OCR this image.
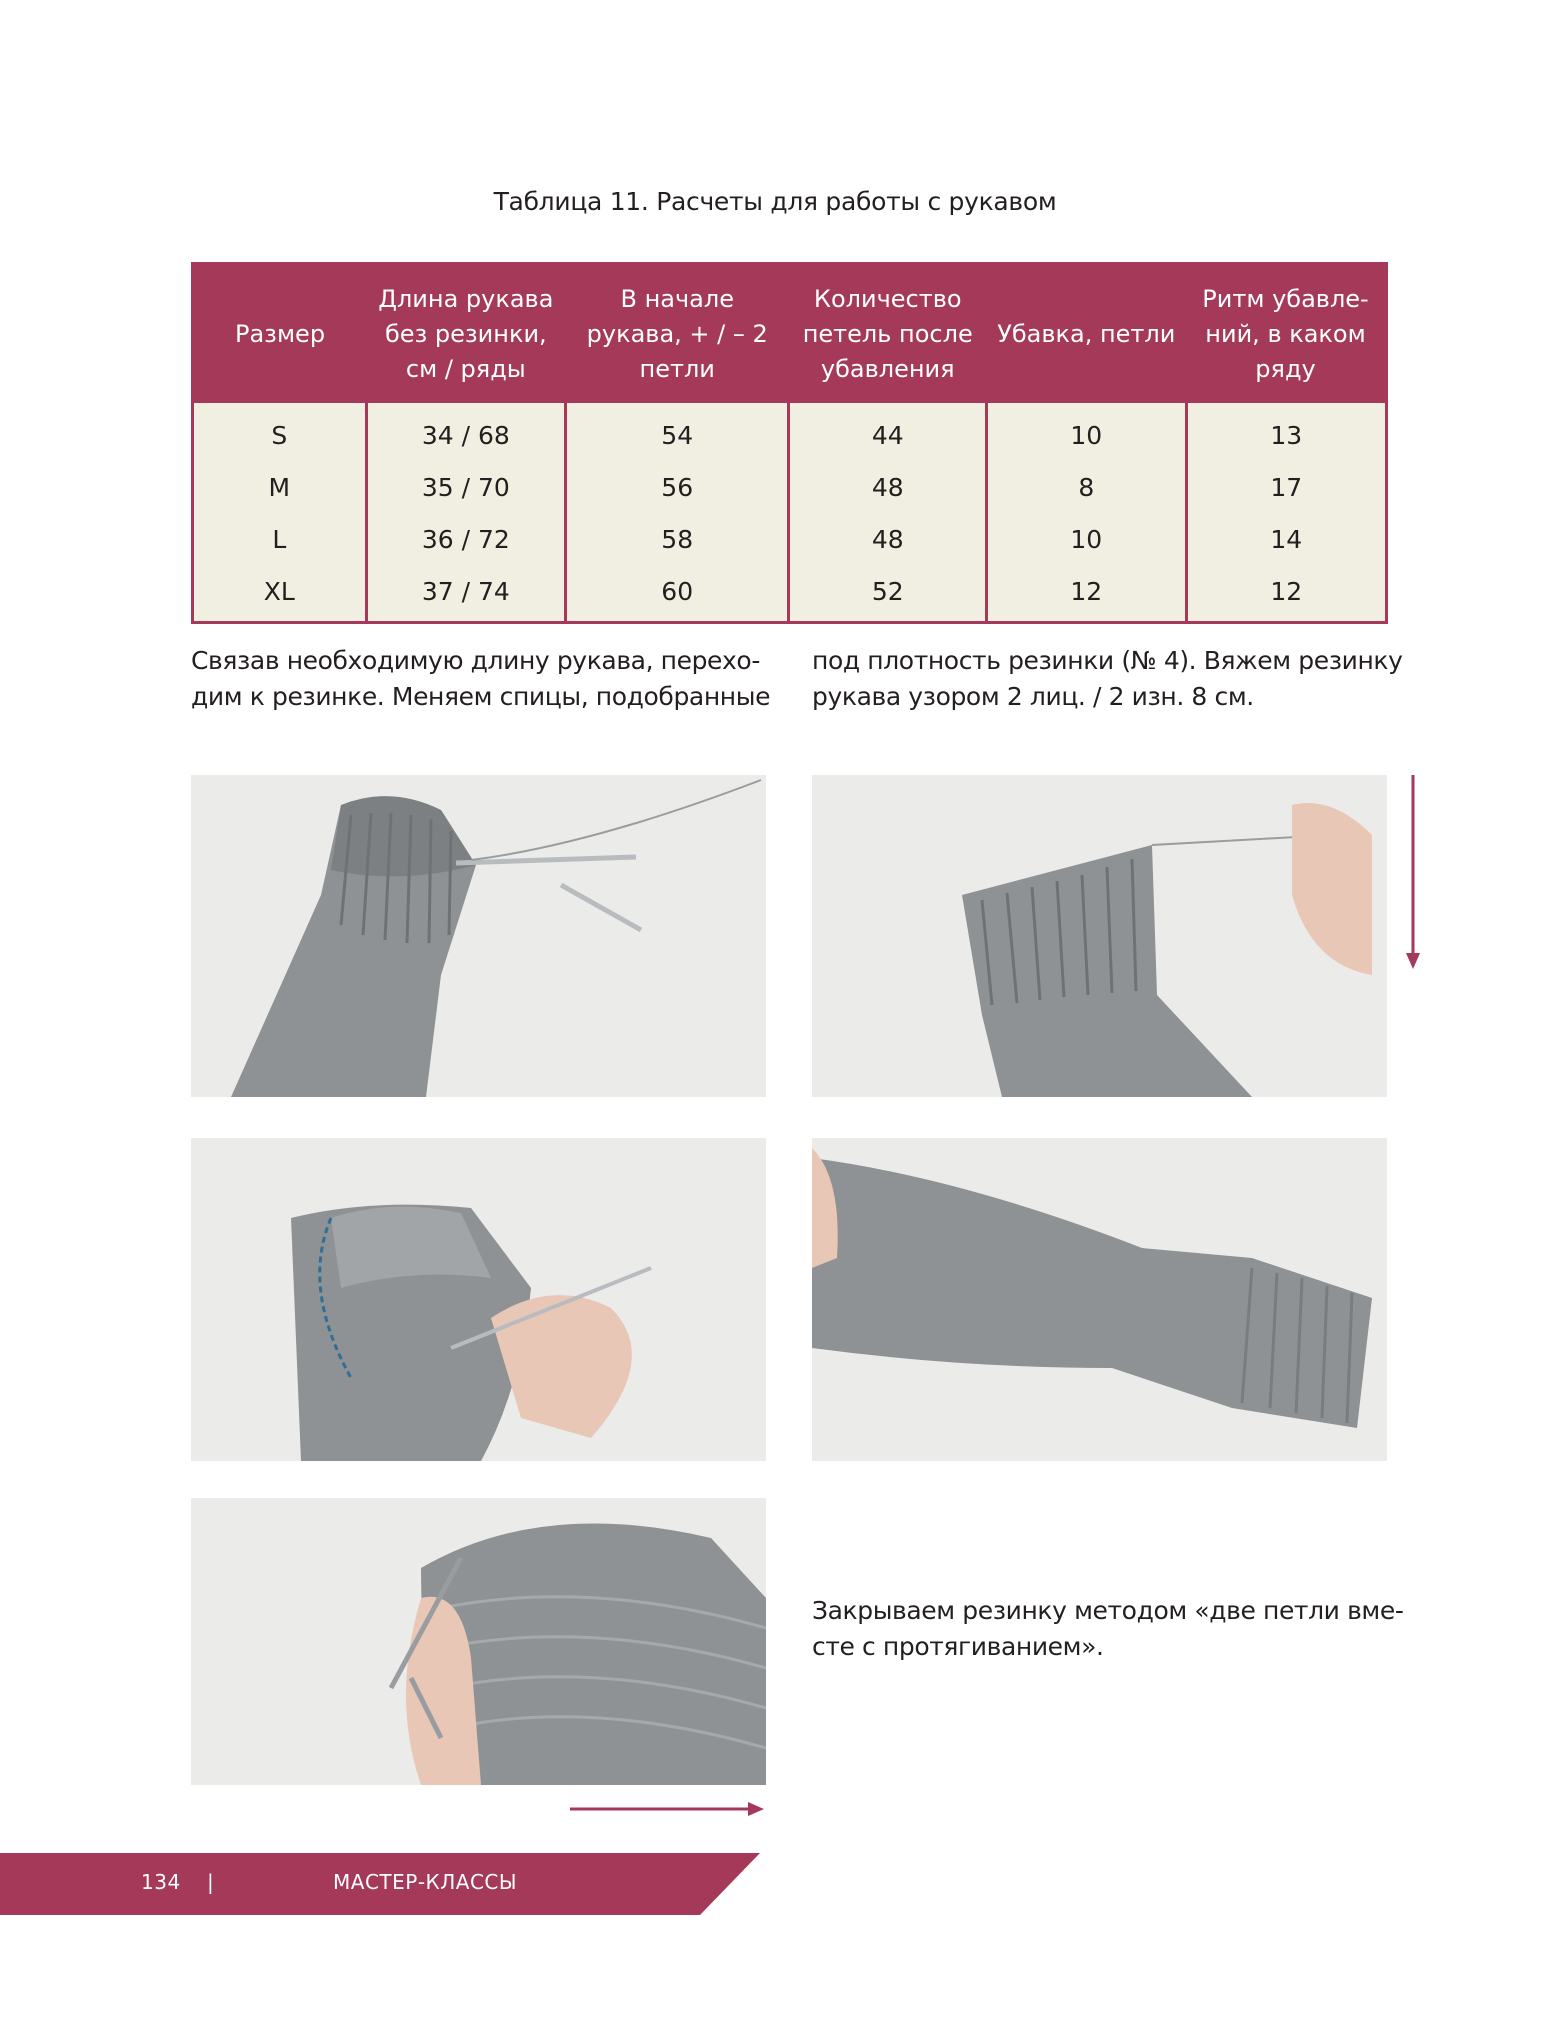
Таблица 11. Расчеты для работы с рукавом
Размер	Длина рукава без резинки, см / ряды	В начале рукава, + / – 2 петли	Количество петель после убавления	Убавка, петли	Ритм убавле-ний, в каком ряду
S	34 / 68	54	44	10	13
M	35 / 70	56	48	8	17
L	36 / 72	58	48	10	14
XL	37 / 74	60	52	12	12
Связав необходимую длину рукава, перехо-
дим к резинке. Меняем спицы, подобранные
под плотность резинки (№ 4). Вяжем резинку
рукава узором 2 лиц. / 2 изн. 8 см.
Закрываем резинку методом «две петли вме-
сте с протягиванием».
134 |	МАСТЕР-КЛАССЫ
